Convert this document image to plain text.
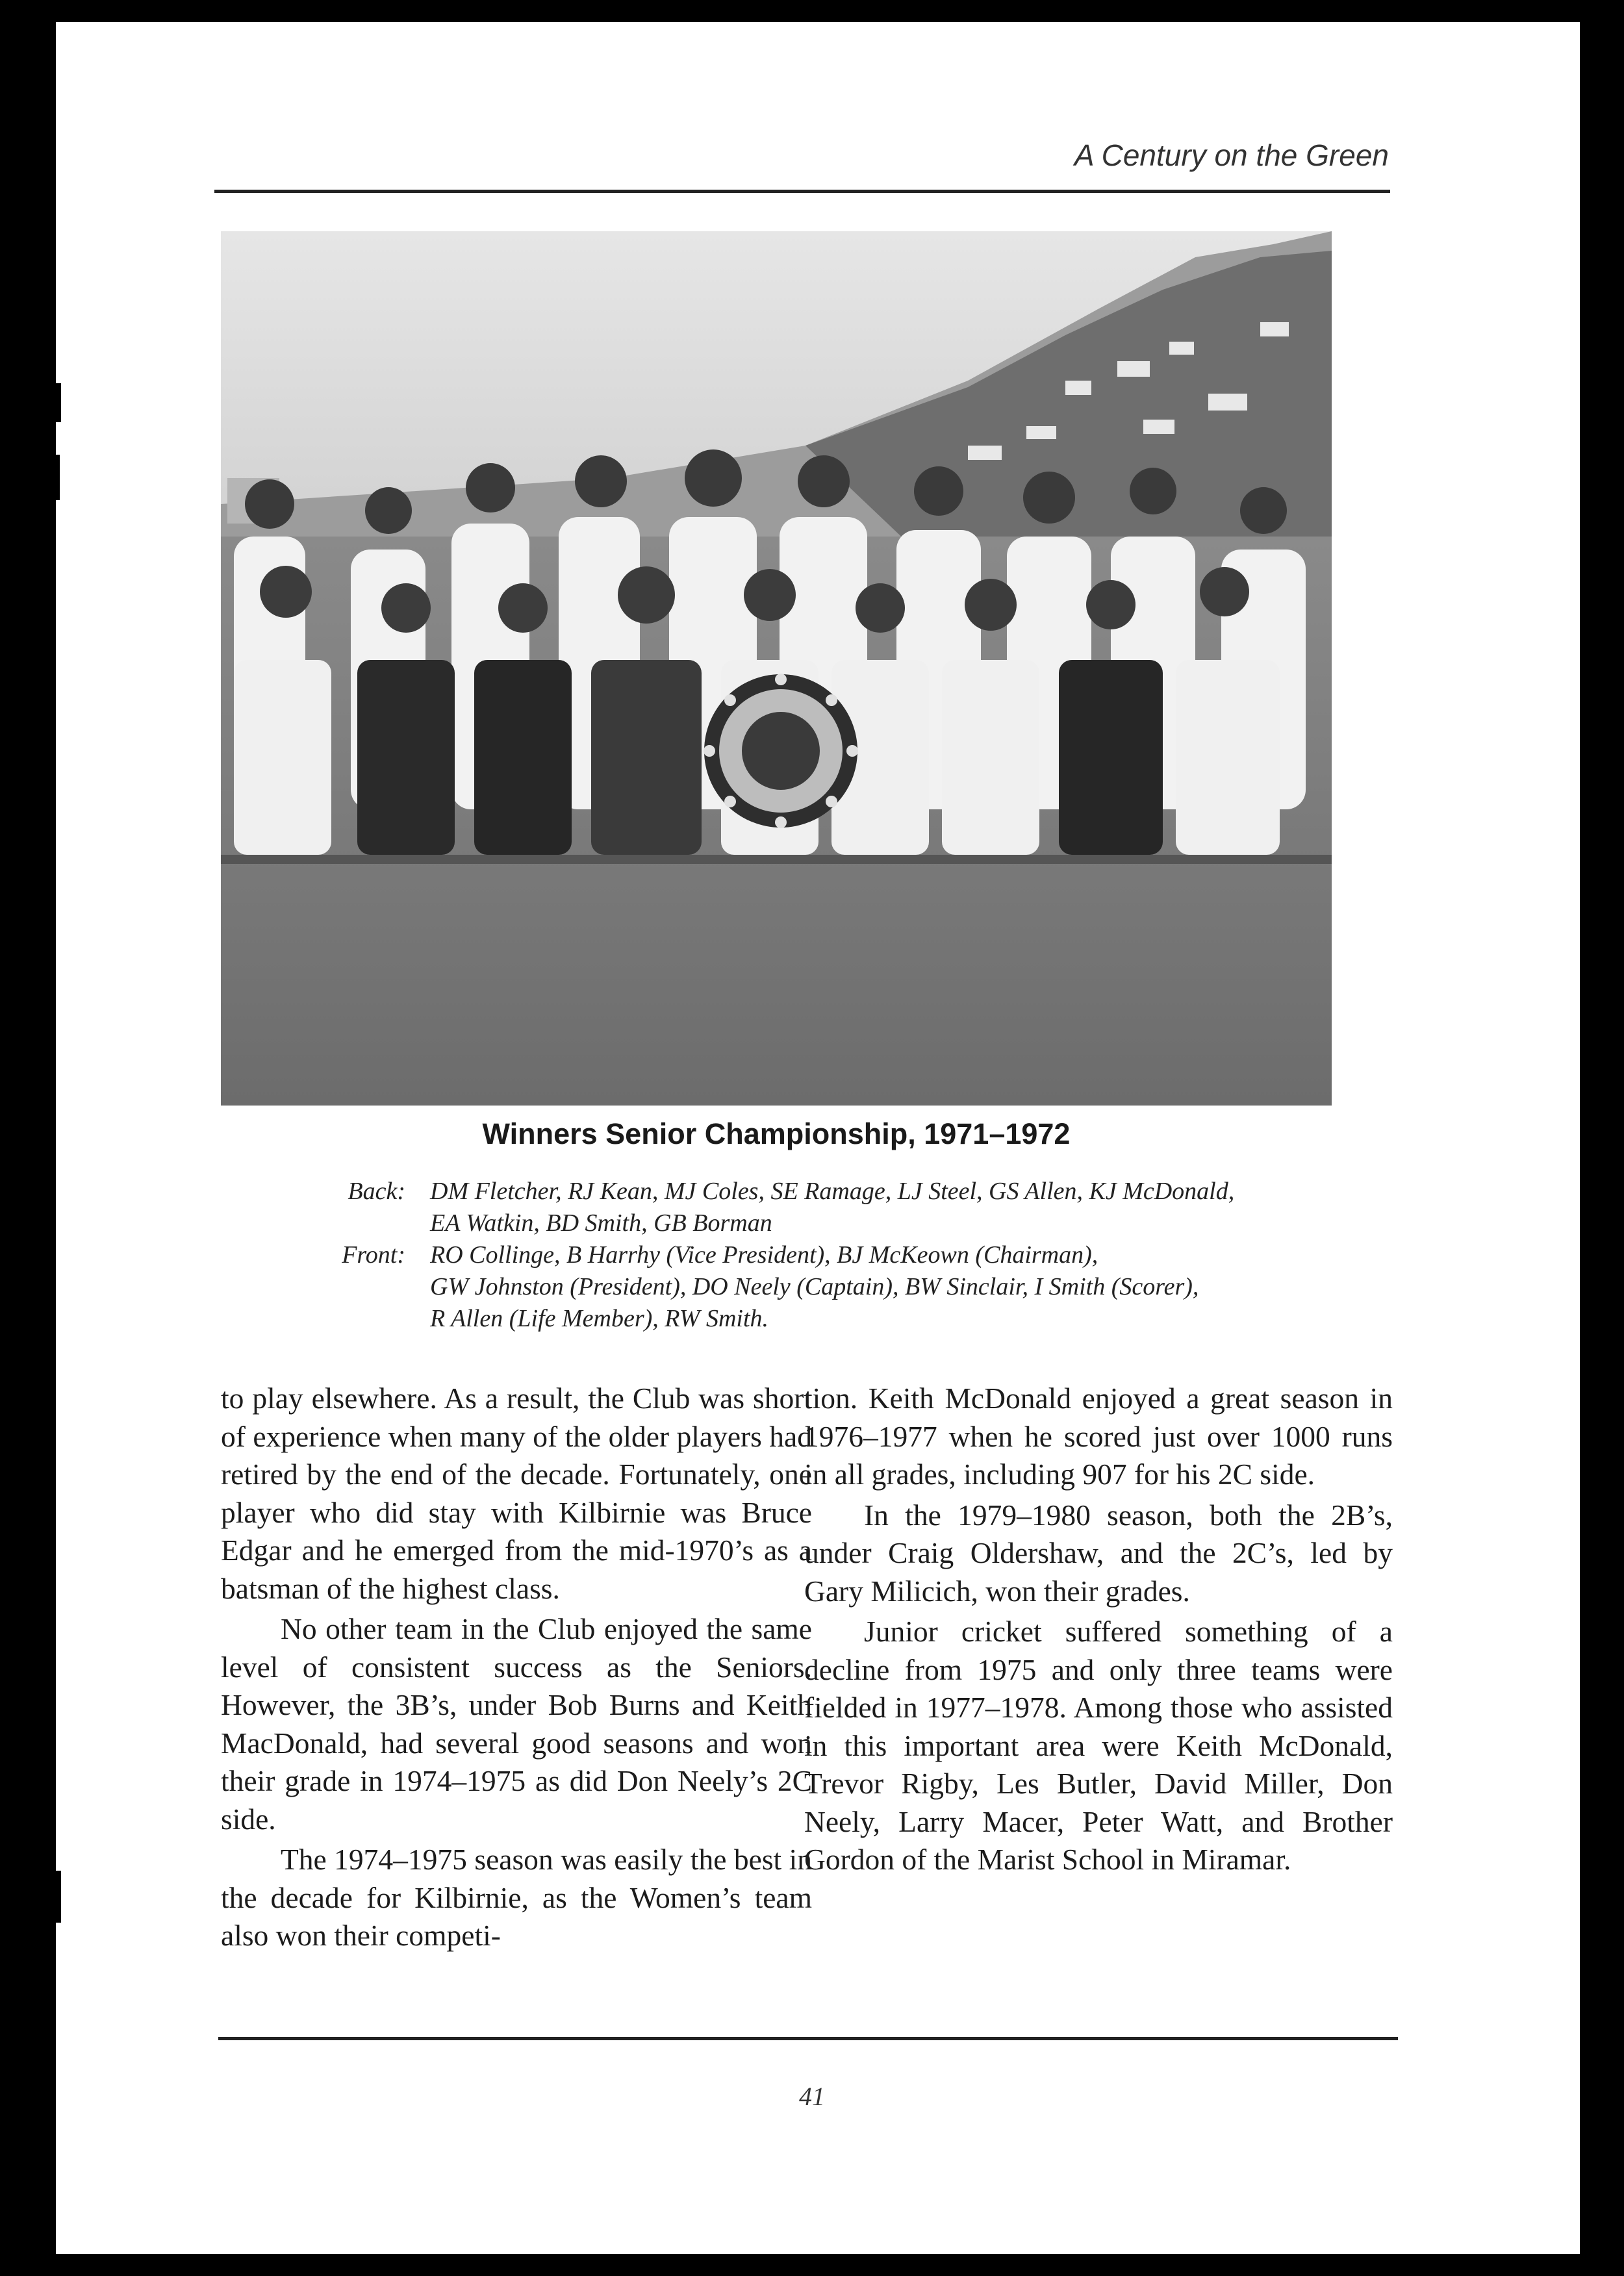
A Century on the Green
Winners Senior Championship, 1971–1972
Back:	DM Fletcher, RJ Kean, MJ Coles, SE Ramage, LJ Steel, GS Allen, KJ McDonald,
EA Watkin, BD Smith, GB Borman
Front:	RO Collinge, B Harrhy (Vice President), BJ McKeown (Chairman),
GW Johnston (President), DO Neely (Captain), BW Sinclair, I Smith (Scorer),
R Allen (Life Member), RW Smith.

to play elsewhere. As a result, the Club was short of experience when many of the older players had retired by the end of the decade. Fortunately, one player who did stay with Kilbirnie was Bruce Edgar and he emerged from the mid-1970’s as a batsman of the highest class.

No other team in the Club enjoyed the same level of consistent success as the Seniors. However, the 3B’s, under Bob Burns and Keith MacDonald, had several good seasons and won their grade in 1974–1975 as did Don Neely’s 2C side.

The 1974–1975 season was easily the best in the decade for Kilbirnie, as the Women’s team also won their competi-

tion. Keith McDonald enjoyed a great season in 1976–1977 when he scored just over 1000 runs in all grades, including 907 for his 2C side.

In the 1979–1980 season, both the 2B’s, under Craig Oldershaw, and the 2C’s, led by Gary Milicich, won their grades.

Junior cricket suffered something of a decline from 1975 and only three teams were fielded in 1977–1978. Among those who assisted in this important area were Keith McDonald, Trevor Rigby, Les Butler, David Miller, Don Neely, Larry Macer, Peter Watt, and Brother Gordon of the Marist School in Miramar.

41
